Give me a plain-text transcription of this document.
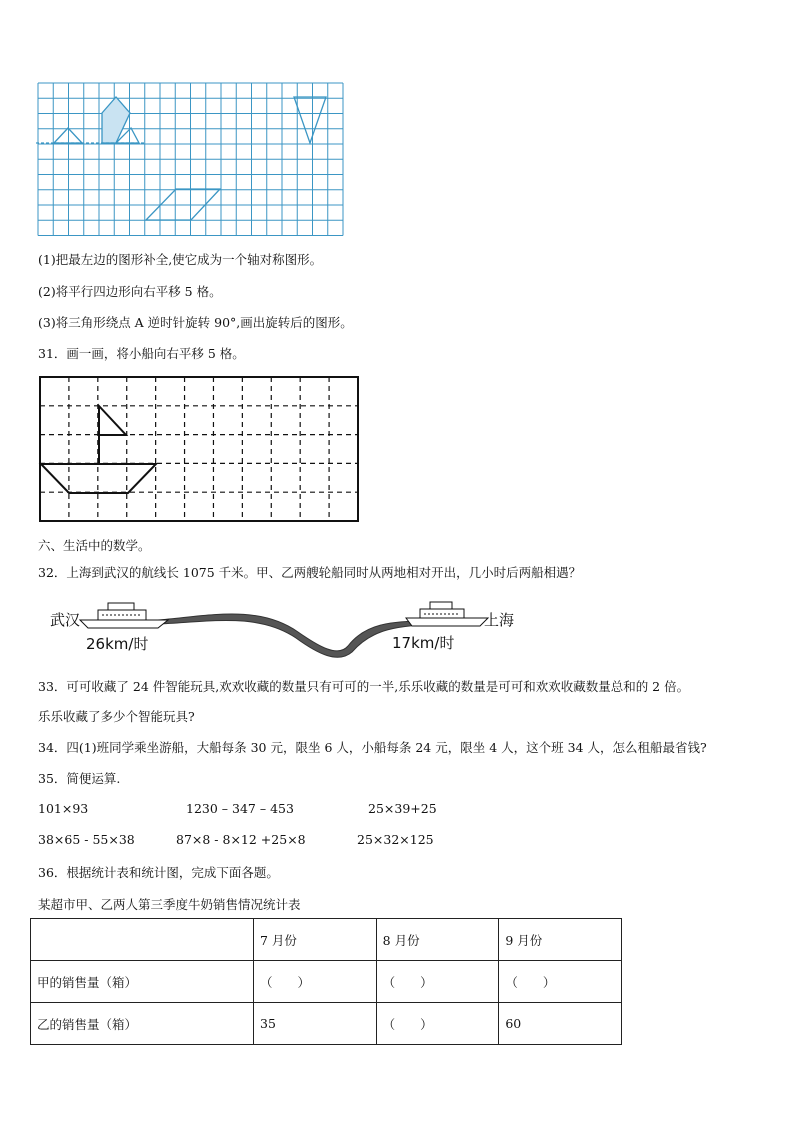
(1)把最左边的图形补全,使它成为一个轴对称图形。
(2)将平行四边形向右平移 5 格。
(3)将三角形绕点 A 逆时针旋转 90°,画出旋转后的图形。
31．画一画，将小船向右平移 5 格。
六、生活中的数学。
32．上海到武汉的航线长 1075 千米。甲、乙两艘轮船同时从两地相对开出，几小时后两船相遇？
武汉	上海
26km/时	17km/时
33．可可收藏了 24 件智能玩具,欢欢收藏的数量只有可可的一半,乐乐收藏的数量是可可和欢欢收藏数量总和的 2 倍。
乐乐收藏了多少个智能玩具?
34．四(1)班同学乘坐游船，大船每条 30 元，限坐 6 人，小船每条 24 元，限坐 4 人，这个班 34 人，怎么租船最省钱?
35．简便运算.
101×93	1230 – 347 – 453	25×39+25
38×65 - 55×38	87×8 - 8×12 +25×8	25×32×125
36．根据统计表和统计图，完成下面各题。
某超市甲、乙两人第三季度牛奶销售情况统计表
	7 月份	8 月份	9 月份
甲的销售量（箱）	（　　）	（　　）	（　　）
乙的销售量（箱）	35	（　　）	60
